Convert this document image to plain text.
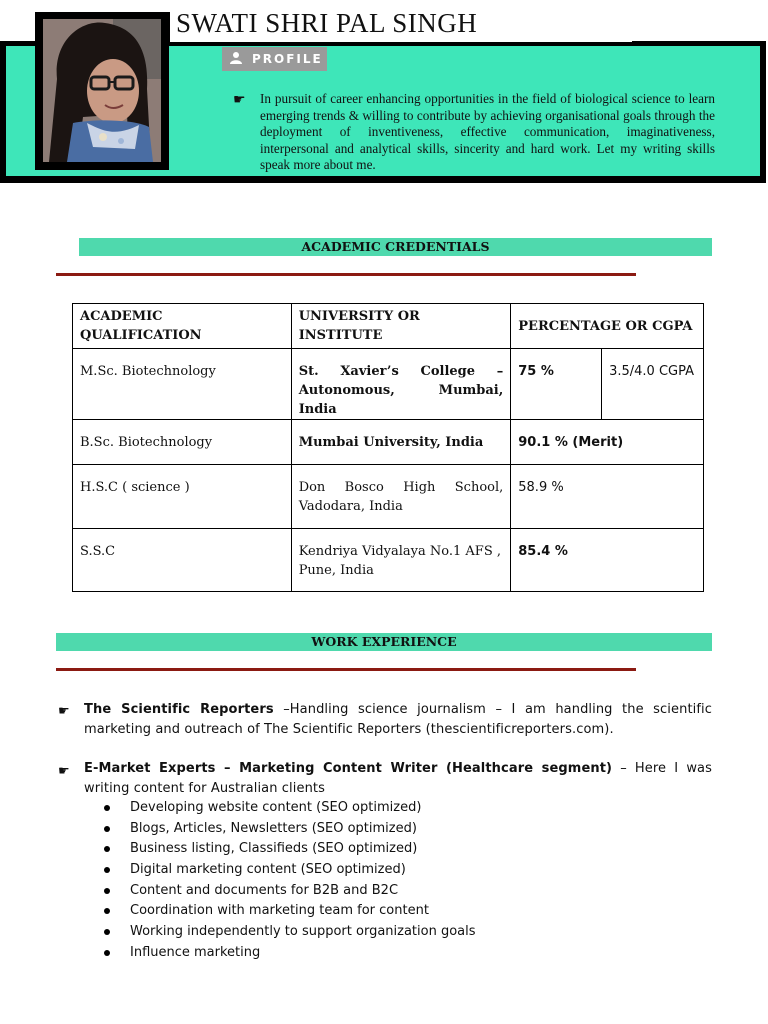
SWATI SHRI PAL SINGH
PROFILE
☛ In pursuit of career enhancing opportunities in the field of biological science to learn emerging trends & willing to contribute by achieving organisational goals through the deployment of inventiveness, effective communication, imaginativeness, interpersonal and analytical skills, sincerity and hard work. Let my writing skills speak more about me.
ACADEMIC CREDENTIALS
ACADEMIC QUALIFICATION	UNIVERSITY OR INSTITUTE	PERCENTAGE OR CGPA	
M.Sc. Biotechnology	St. Xavier’s College – Autonomous, Mumbai, India	75 %	3.5/4.0 CGPA
B.Sc. Biotechnology	Mumbai University, India	90.1 % (Merit)	
H.S.C ( science )	Don Bosco High School, Vadodara, India	58.9 %	
S.S.C	Kendriya Vidyalaya No.1 AFS , Pune, India	85.4 %	
WORK EXPERIENCE
☛ The Scientific Reporters –Handling science journalism – I am handling the scientific marketing and outreach of The Scientific Reporters (thescientificreporters.com).
☛ E-Market Experts – Marketing Content Writer (Healthcare segment) – Here I was writing content for Australian clients
Developing website content (SEO optimized)
Blogs, Articles, Newsletters (SEO optimized)
Business listing, Classifieds (SEO optimized)
Digital marketing content (SEO optimized)
Content and documents for B2B and B2C
Coordination with marketing team for content
Working independently to support organization goals
Influence marketing
